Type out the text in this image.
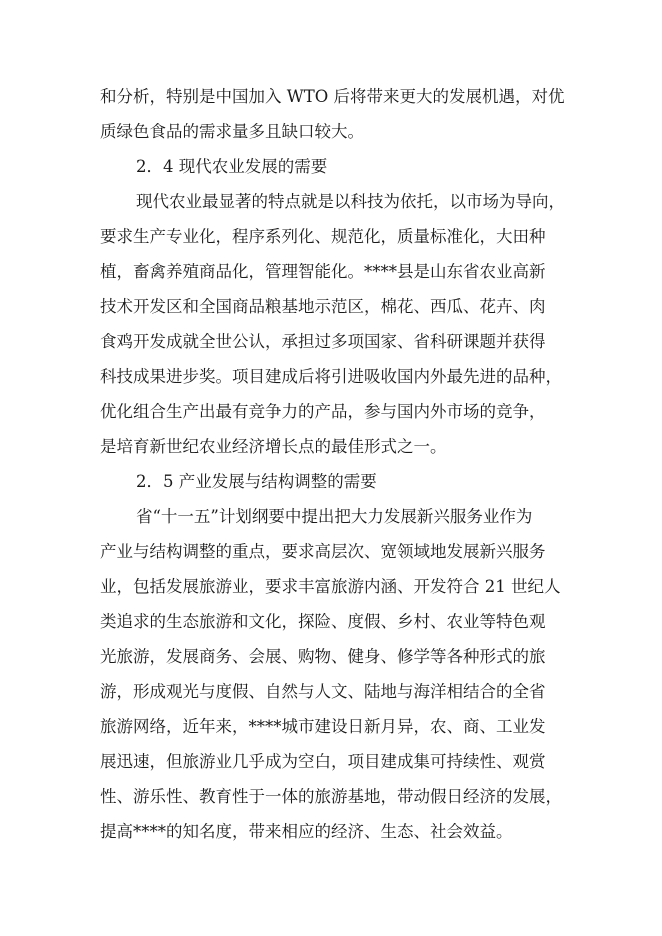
和分析，特别是中国加入 WTO 后将带来更大的发展机遇，对优
质绿色食品的需求量多且缺口较大。
2．4 现代农业发展的需要
现代农业最显著的特点就是以科技为依托，以市场为导向，
要求生产专业化，程序系列化、规范化，质量标准化，大田种
植，畜禽养殖商品化，管理智能化。****县是山东省农业高新
技术开发区和全国商品粮基地示范区，棉花、西瓜、花卉、肉
食鸡开发成就全世公认，承担过多项国家、省科研课题并获得
科技成果进步奖。项目建成后将引进吸收国内外最先进的品种，
优化组合生产出最有竞争力的产品，参与国内外市场的竞争，
是培育新世纪农业经济增长点的最佳形式之一。
2．5 产业发展与结构调整的需要
省“十一五”计划纲要中提出把大力发展新兴服务业作为
产业与结构调整的重点，要求高层次、宽领域地发展新兴服务
业，包括发展旅游业，要求丰富旅游内涵、开发符合 21 世纪人
类追求的生态旅游和文化，探险、度假、乡村、农业等特色观
光旅游，发展商务、会展、购物、健身、修学等各种形式的旅
游，形成观光与度假、自然与人文、陆地与海洋相结合的全省
旅游网络，近年来，****城市建设日新月异，农、商、工业发
展迅速，但旅游业几乎成为空白，项目建成集可持续性、观赏
性、游乐性、教育性于一体的旅游基地，带动假日经济的发展，
提高****的知名度，带来相应的经济、生态、社会效益。
